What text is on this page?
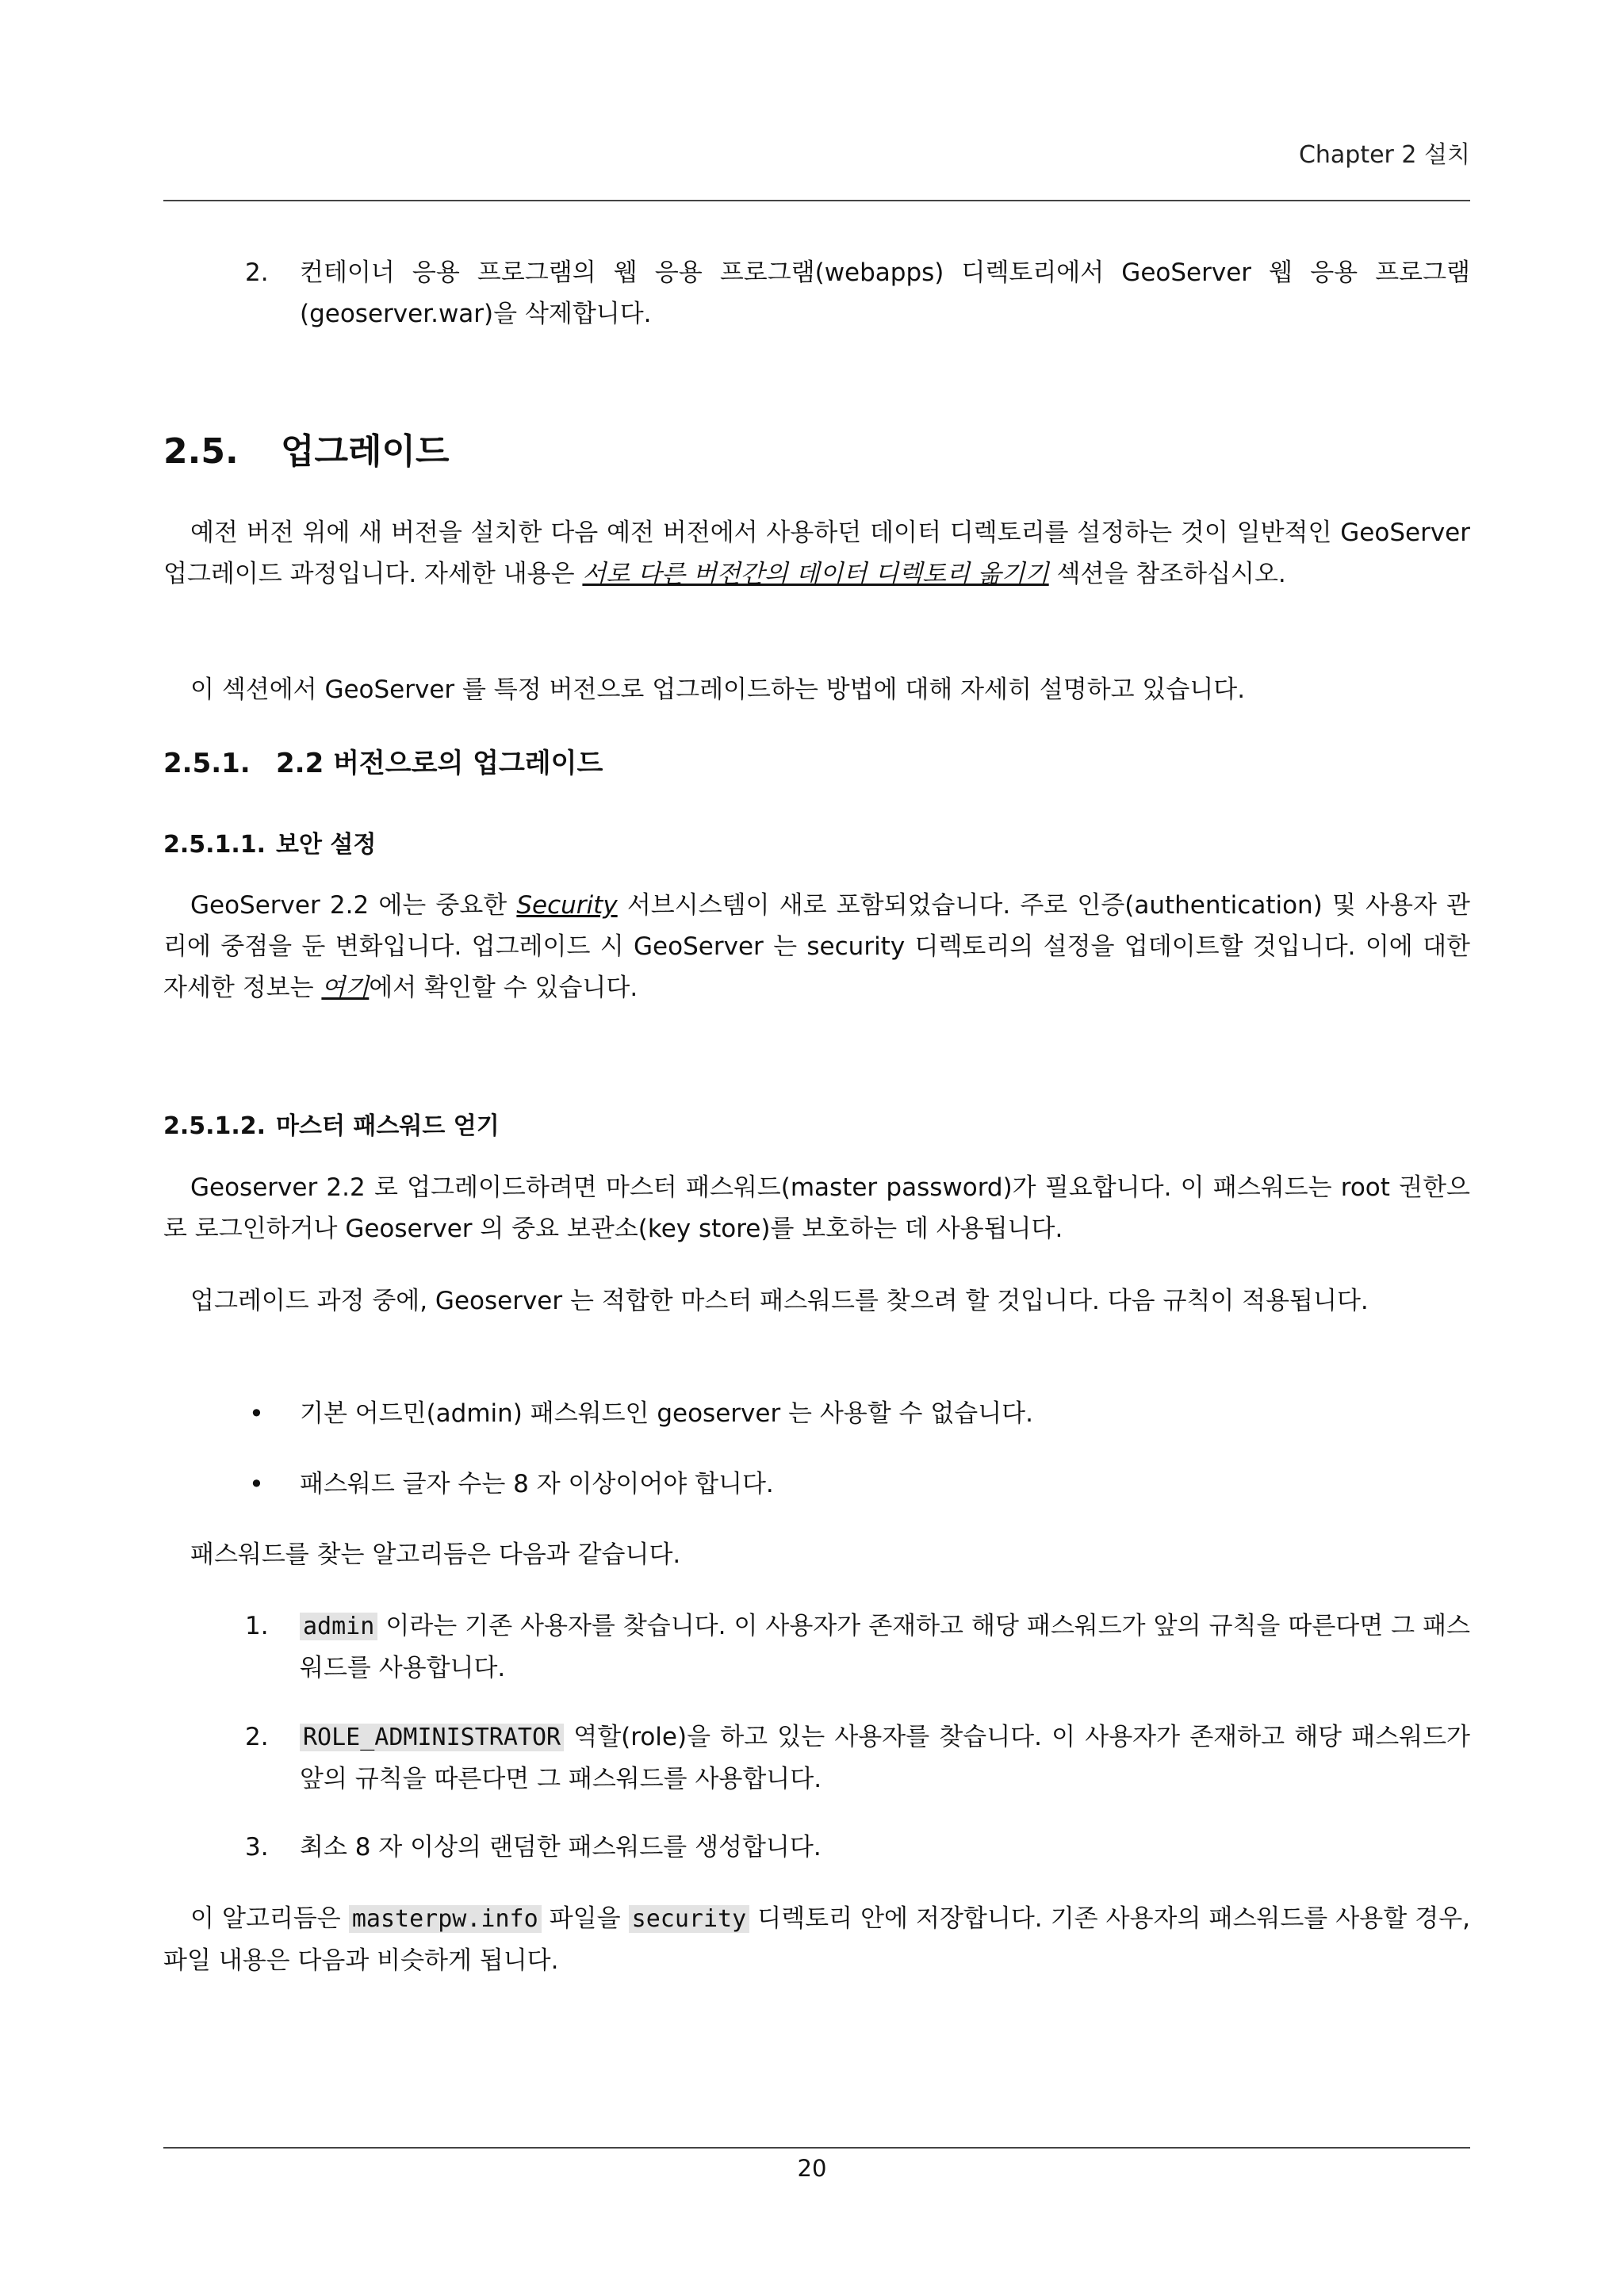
Chapter 2 설치
2. 컨테이너 응용 프로그램의 웹 응용 프로그램(webapps) 디렉토리에서 GeoServer 웹 응용 프로그램(geoserver.war)을 삭제합니다.
2.5. 업그레이드
예전 버전 위에 새 버전을 설치한 다음 예전 버전에서 사용하던 데이터 디렉토리를 설정하는 것이 일반적인 GeoServer 업그레이드 과정입니다. 자세한 내용은 서로 다른 버전간의 데이터 디렉토리 옮기기 섹션을 참조하십시오.
이 섹션에서 GeoServer 를 특정 버전으로 업그레이드하는 방법에 대해 자세히 설명하고 있습니다.
2.5.1. 2.2 버전으로의 업그레이드
2.5.1.1. 보안 설정
GeoServer 2.2 에는 중요한 Security 서브시스템이 새로 포함되었습니다. 주로 인증(authentication) 및 사용자 관리에 중점을 둔 변화입니다. 업그레이드 시 GeoServer 는 security 디렉토리의 설정을 업데이트할 것입니다. 이에 대한 자세한 정보는 여기에서 확인할 수 있습니다.
2.5.1.2. 마스터 패스워드 얻기
Geoserver 2.2 로 업그레이드하려면 마스터 패스워드(master password)가 필요합니다. 이 패스워드는 root 권한으로 로그인하거나 Geoserver 의 중요 보관소(key store)를 보호하는 데 사용됩니다.
업그레이드 과정 중에, Geoserver 는 적합한 마스터 패스워드를 찾으려 할 것입니다. 다음 규칙이 적용됩니다.
• 기본 어드민(admin) 패스워드인 geoserver 는 사용할 수 없습니다.
• 패스워드 글자 수는 8 자 이상이어야 합니다.
패스워드를 찾는 알고리듬은 다음과 같습니다.
1. admin 이라는 기존 사용자를 찾습니다. 이 사용자가 존재하고 해당 패스워드가 앞의 규칙을 따른다면 그 패스워드를 사용합니다.
2. ROLE_ADMINISTRATOR 역할(role)을 하고 있는 사용자를 찾습니다. 이 사용자가 존재하고 해당 패스워드가 앞의 규칙을 따른다면 그 패스워드를 사용합니다.
3. 최소 8 자 이상의 랜덤한 패스워드를 생성합니다.
이 알고리듬은 masterpw.info 파일을 security 디렉토리 안에 저장합니다. 기존 사용자의 패스워드를 사용할 경우, 파일 내용은 다음과 비슷하게 됩니다.
20
